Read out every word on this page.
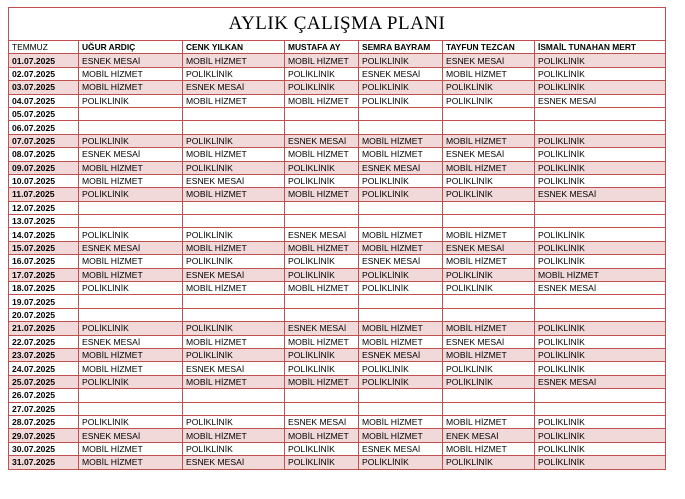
AYLIK ÇALIŞMA PLANI						
TEMMUZ	UĞUR ARDIÇ	CENK YILKAN	MUSTAFA AY	SEMRA BAYRAM	TAYFUN TEZCAN	İSMAİL TUNAHAN MERT
01.07.2025	ESNEK MESAİ	MOBİL HİZMET	MOBİL HİZMET	POLİKLİNİK	ESNEK MESAİ	POLİKLİNİK
02.07.2025	MOBİL HİZMET	POLİKLİNİK	POLİKLİNİK	ESNEK MESAİ	MOBİL HİZMET	POLİKLİNİK
03.07.2025	MOBİL HİZMET	ESNEK MESAİ	POLİKLİNİK	POLİKLİNİK	POLİKLİNİK	POLİKLİNİK
04.07.2025	POLİKLİNİK	MOBİL HİZMET	MOBİL HİZMET	POLİKLİNİK	POLİKLİNİK	ESNEK MESAİ
05.07.2025						
06.07.2025						
07.07.2025	POLİKLİNİK	POLİKLİNİK	ESNEK MESAİ	MOBİL HİZMET	MOBİL HİZMET	POLİKLİNİK
08.07.2025	ESNEK MESAİ	MOBİL HİZMET	MOBİL HİZMET	MOBİL HİZMET	ESNEK MESAİ	POLİKLİNİK
09.07.2025	MOBİL HİZMET	POLİKLİNİK	POLİKLİNİK	ESNEK MESAİ	MOBİL HİZMET	POLİKLİNİK
10.07.2025	MOBİL HİZMET	ESNEK MESAİ	POLİKLİNİK	POLİKLİNİK	POLİKLİNİK	POLİKLİNİK
11.07.2025	POLİKLİNİK	MOBİL HİZMET	MOBİL HİZMET	POLİKLİNİK	POLİKLİNİK	ESNEK MESAİ
12.07.2025						
13.07.2025						
14.07.2025	POLİKLİNİK	POLİKLİNİK	ESNEK MESAİ	MOBİL HİZMET	MOBİL HİZMET	POLİKLİNİK
15.07.2025	ESNEK MESAİ	MOBİL HİZMET	MOBİL HİZMET	MOBİL HİZMET	ESNEK MESAİ	POLİKLİNİK
16.07.2025	MOBİL HİZMET	POLİKLİNİK	POLİKLİNİK	ESNEK MESAİ	MOBİL HİZMET	POLİKLİNİK
17.07.2025	MOBİL HİZMET	ESNEK MESAİ	POLİKLİNİK	POLİKLİNİK	POLİKLİNİK	MOBİL HİZMET
18.07.2025	POLİKLİNİK	MOBİL HİZMET	MOBİL HİZMET	POLİKLİNİK	POLİKLİNİK	ESNEK MESAİ
19.07.2025						
20.07.2025						
21.07.2025	POLİKLİNİK	POLİKLİNİK	ESNEK MESAİ	MOBİL HİZMET	MOBİL HİZMET	POLİKLİNİK
22.07.2025	ESNEK MESAİ	MOBİL HİZMET	MOBİL HİZMET	MOBİL HİZMET	ESNEK MESAİ	POLİKLİNİK
23.07.2025	MOBİL HİZMET	POLİKLİNİK	POLİKLİNİK	ESNEK MESAİ	MOBİL HİZMET	POLİKLİNİK
24.07.2025	MOBİL HİZMET	ESNEK MESAİ	POLİKLİNİK	POLİKLİNİK	POLİKLİNİK	POLİKLİNİK
25.07.2025	POLİKLİNİK	MOBİL HİZMET	MOBİL HİZMET	POLİKLİNİK	POLİKLİNİK	ESNEK MESAİ
26.07.2025						
27.07.2025						
28.07.2025	POLİKLİNİK	POLİKLİNİK	ESNEK MESAİ	MOBİL HİZMET	MOBİL HİZMET	POLİKLİNİK
29.07.2025	ESNEK MESAİ	MOBİL HİZMET	MOBİL HİZMET	MOBİL HİZMET	ENEK MESAİ	POLİKLİNİK
30.07.2025	MOBİL HİZMET	POLİKLİNİK	POLİKLİNİK	ESNEK MESAİ	MOBİL HİZMET	POLİKLİNİK
31.07.2025	MOBİL HİZMET	ESNEK MESAİ	POLİKLİNİK	POLİKLİNİK	POLİKLİNİK	POLİKLİNİK
